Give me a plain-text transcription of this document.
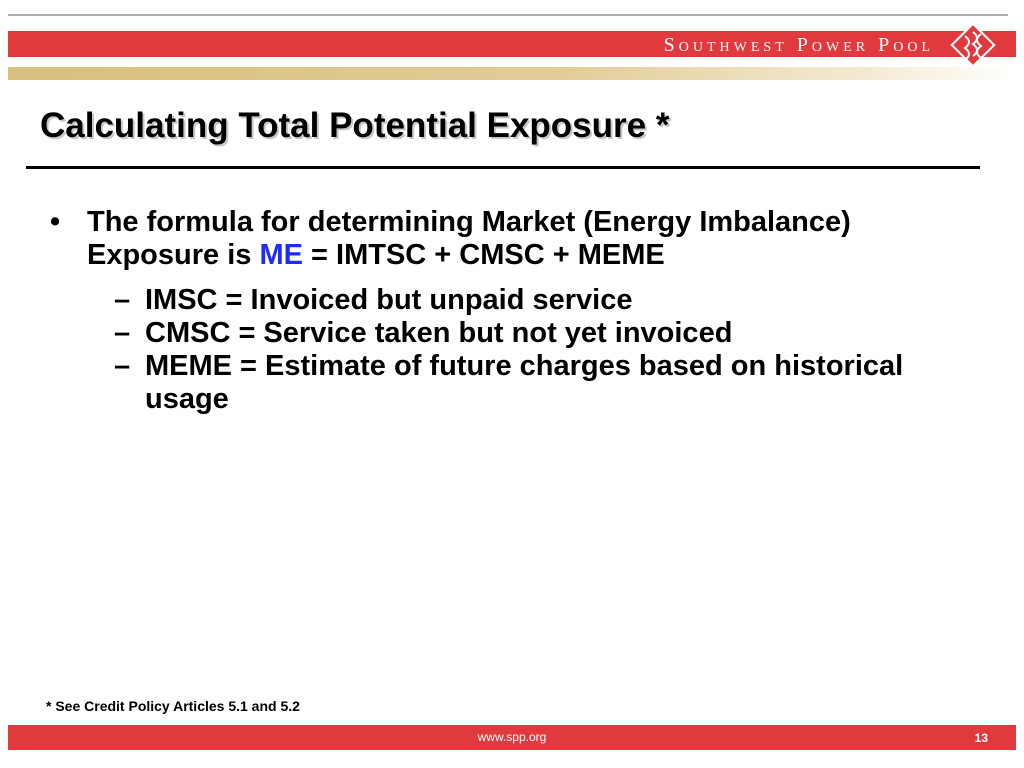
Southwest Power Pool
Calculating Total Potential Exposure *
• The formula for determining Market (Energy Imbalance) Exposure is ME = IMTSC + CMSC + MEME
– IMSC = Invoiced but unpaid service
– CMSC = Service taken but not yet invoiced
– MEME = Estimate of future charges based on historical usage
* See Credit Policy Articles 5.1 and 5.2
www.spp.org	13
